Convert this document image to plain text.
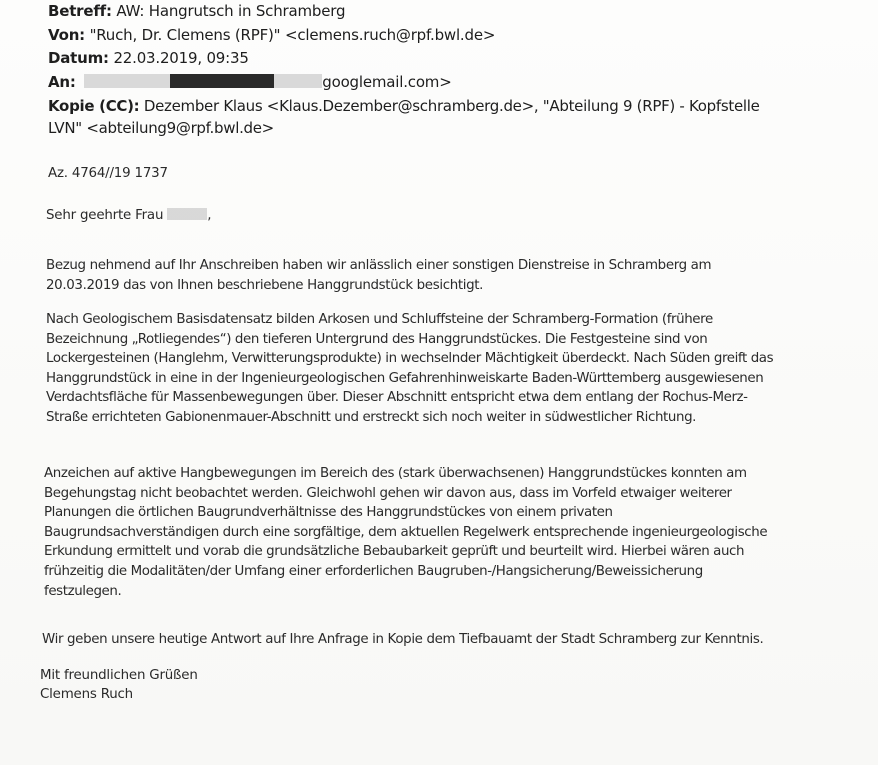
Betreff: AW: Hangrutsch in Schramberg
Von: "Ruch, Dr. Clemens (RPF)" <clemens.ruch@rpf.bwl.de>
Datum: 22.03.2019, 09:35
An:	googlemail.com>
Kopie (CC): Dezember Klaus <Klaus.Dezember@schramberg.de>, "Abteilung 9 (RPF) - Kopfstelle
LVN" <abteilung9@rpf.bwl.de>
Az. 4764//19 1737
Sehr geehrte Frau	,
Bezug nehmend auf Ihr Anschreiben haben wir anlässlich einer sonstigen Dienstreise in Schramberg am
20.03.2019 das von Ihnen beschriebene Hanggrundstück besichtigt.
Nach Geologischem Basisdatensatz bilden Arkosen und Schluffsteine der Schramberg-Formation (frühere
Bezeichnung „Rotliegendes“) den tieferen Untergrund des Hanggrundstückes. Die Festgesteine sind von
Lockergesteinen (Hanglehm, Verwitterungsprodukte) in wechselnder Mächtigkeit überdeckt. Nach Süden greift das
Hanggrundstück in eine in der Ingenieurgeologischen Gefahrenhinweiskarte Baden-Württemberg ausgewiesenen
Verdachtsfläche für Massenbewegungen über. Dieser Abschnitt entspricht etwa dem entlang der Rochus-Merz-
Straße errichteten Gabionenmauer-Abschnitt und erstreckt sich noch weiter in südwestlicher Richtung.
Anzeichen auf aktive Hangbewegungen im Bereich des (stark überwachsenen) Hanggrundstückes konnten am
Begehungstag nicht beobachtet werden. Gleichwohl gehen wir davon aus, dass im Vorfeld etwaiger weiterer
Planungen die örtlichen Baugrundverhältnisse des Hanggrundstückes von einem privaten
Baugrundsachverständigen durch eine sorgfältige, dem aktuellen Regelwerk entsprechende ingenieurgeologische
Erkundung ermittelt und vorab die grundsätzliche Bebaubarkeit geprüft und beurteilt wird. Hierbei wären auch
frühzeitig die Modalitäten/der Umfang einer erforderlichen Baugruben-/Hangsicherung/Beweissicherung
festzulegen.
Wir geben unsere heutige Antwort auf Ihre Anfrage in Kopie dem Tiefbauamt der Stadt Schramberg zur Kenntnis.
Mit freundlichen Grüßen
Clemens Ruch
